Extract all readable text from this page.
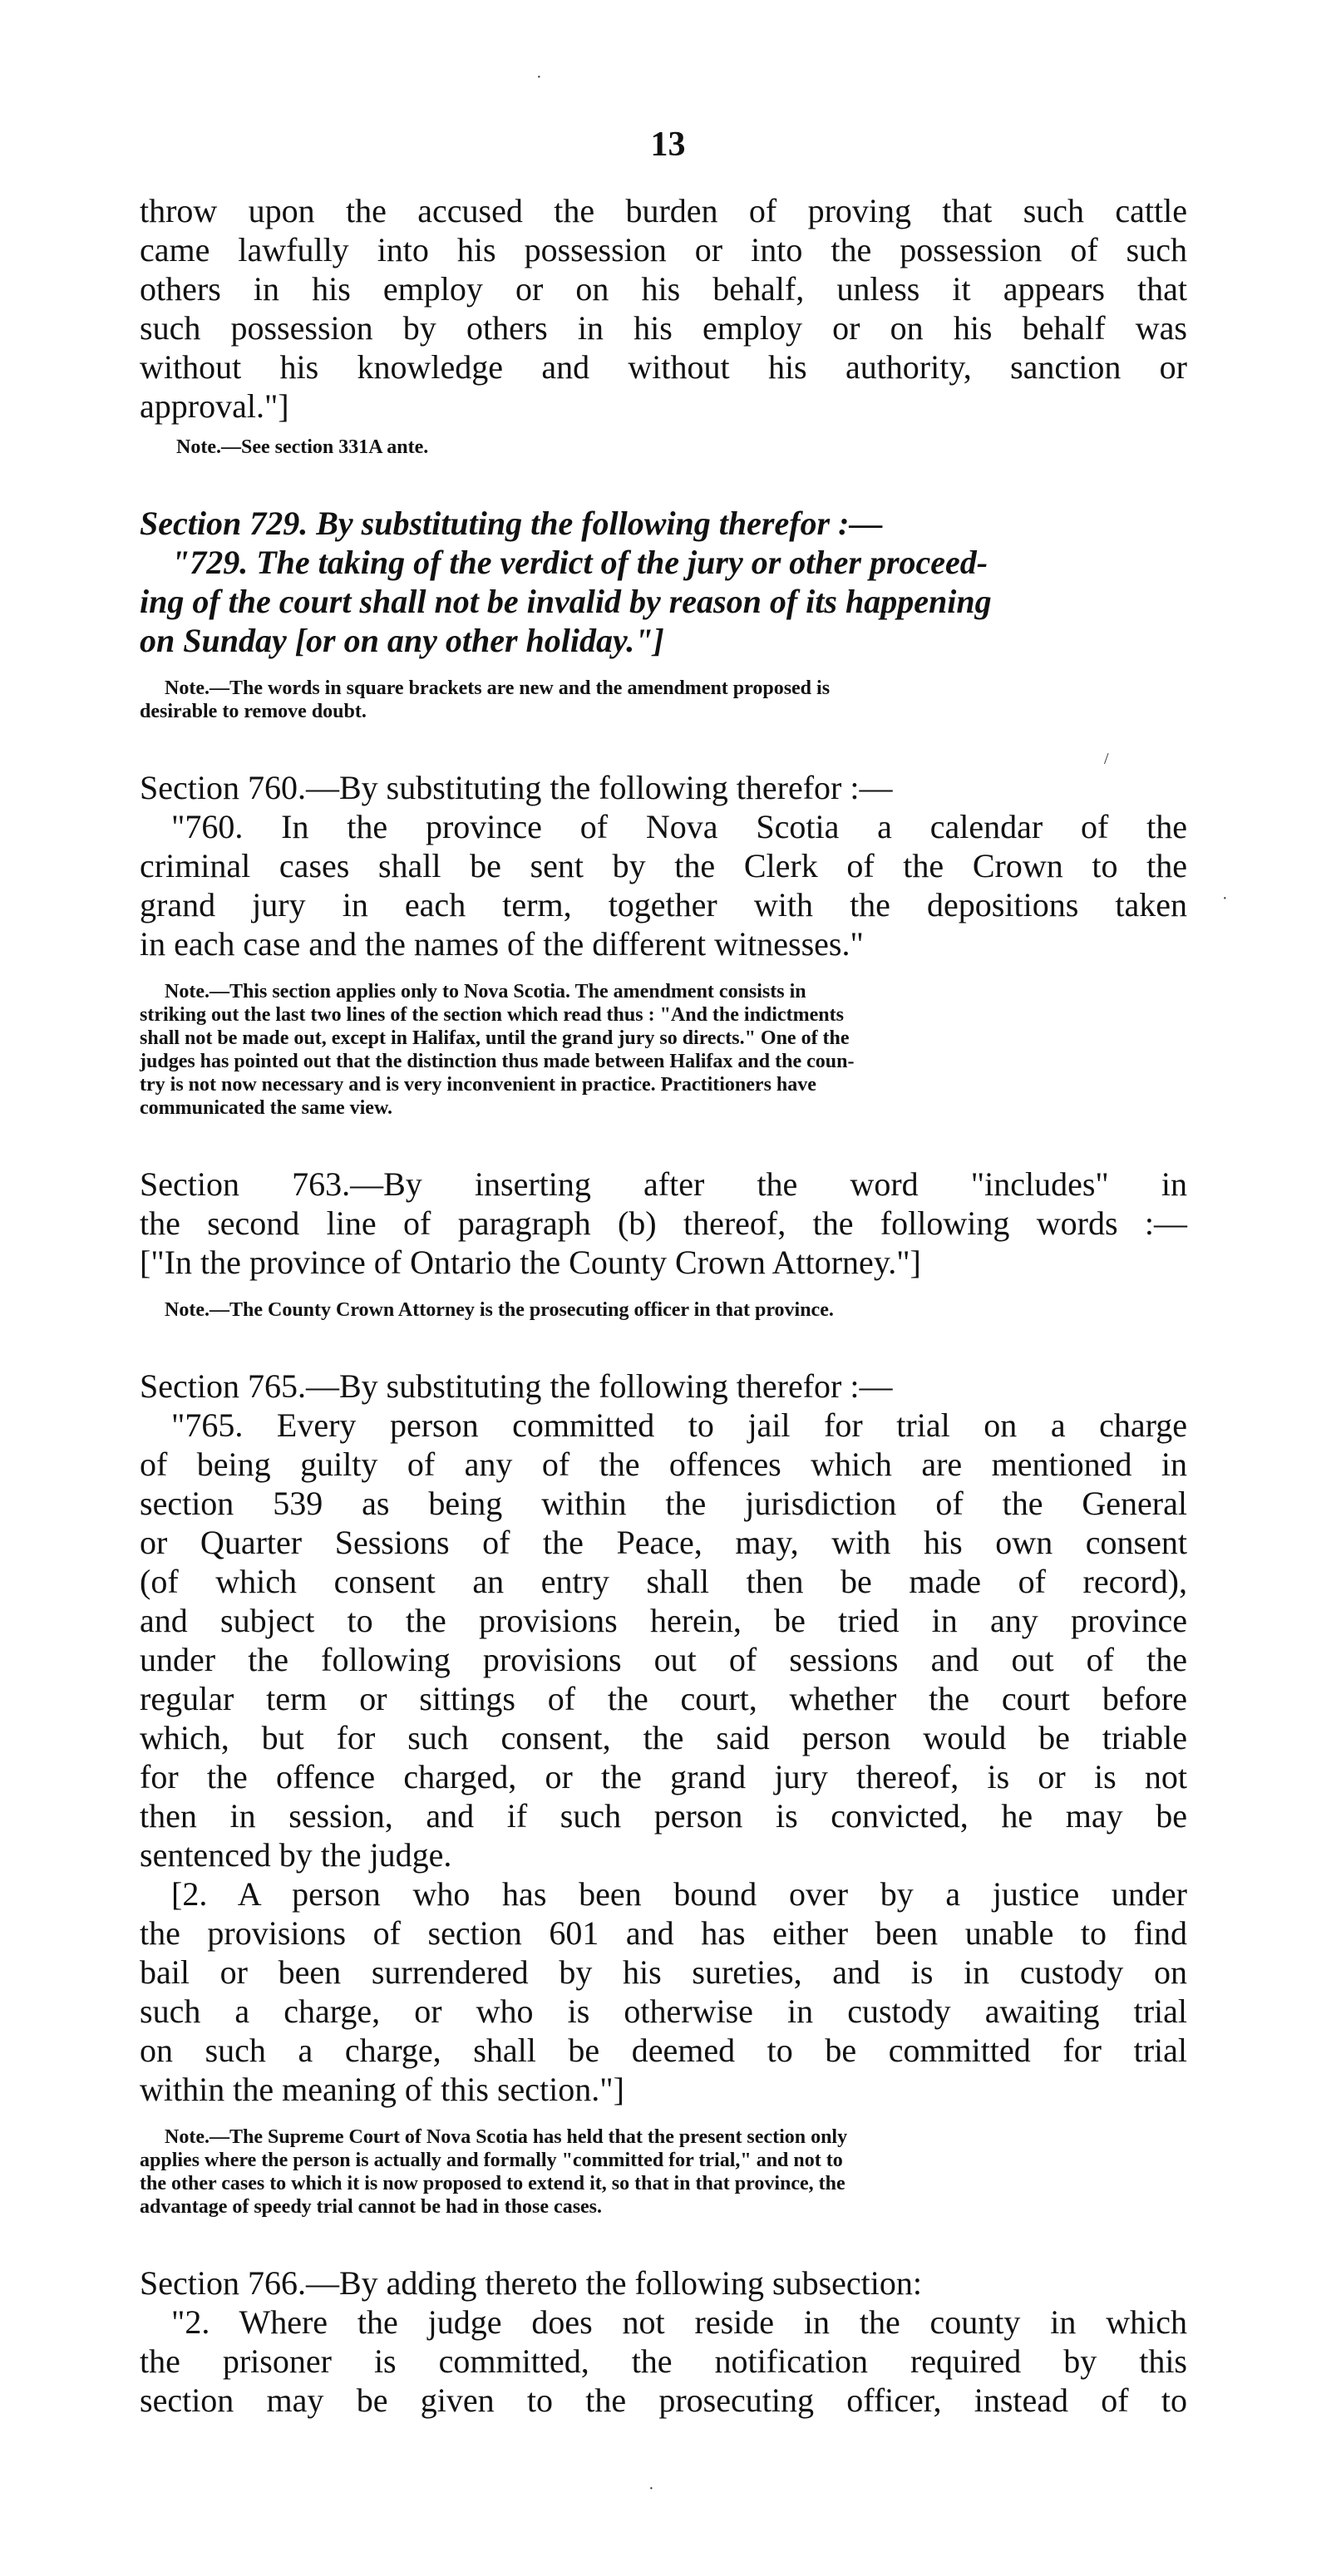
13
throw upon the accused the burden of proving that such cattle
came lawfully into his possession or into the possession of such
others in his employ or on his behalf, unless it appears that
such possession by others in his employ or on his behalf was
without his knowledge and without his authority, sanction or
approval."]
Note.—See section 331A ante.
Section 729. By substituting the following therefor :—
"729. The taking of the verdict of the jury or other proceed-
ing of the court shall not be invalid by reason of its happening
on Sunday [or on any other holiday."]
Note.—The words in square brackets are new and the amendment proposed is
desirable to remove doubt.
Section 760.—By substituting the following therefor :—
"760. In the province of Nova Scotia a calendar of the
criminal cases shall be sent by the Clerk of the Crown to the
grand jury in each term, together with the depositions taken
in each case and the names of the different witnesses."
Note.—This section applies only to Nova Scotia. The amendment consists in
striking out the last two lines of the section which read thus : "And the indictments
shall not be made out, except in Halifax, until the grand jury so directs." One of the
judges has pointed out that the distinction thus made between Halifax and the coun-
try is not now necessary and is very inconvenient in practice. Practitioners have
communicated the same view.
Section 763.—By inserting after the word "includes" in
the second line of paragraph (b) thereof, the following words :—
["In the province of Ontario the County Crown Attorney."]
Note.—The County Crown Attorney is the prosecuting officer in that province.
Section 765.—By substituting the following therefor :—
"765. Every person committed to jail for trial on a charge
of being guilty of any of the offences which are mentioned in
section 539 as being within the jurisdiction of the General
or Quarter Sessions of the Peace, may, with his own consent
(of which consent an entry shall then be made of record),
and subject to the provisions herein, be tried in any province
under the following provisions out of sessions and out of the
regular term or sittings of the court, whether the court before
which, but for such consent, the said person would be triable
for the offence charged, or the grand jury thereof, is or is not
then in session, and if such person is convicted, he may be
sentenced by the judge.
[2. A person who has been bound over by a justice under
the provisions of section 601 and has either been unable to find
bail or been surrendered by his sureties, and is in custody on
such a charge, or who is otherwise in custody awaiting trial
on such a charge, shall be deemed to be committed for trial
within the meaning of this section."]
Note.—The Supreme Court of Nova Scotia has held that the present section only
applies where the person is actually and formally "committed for trial," and not to
the other cases to which it is now proposed to extend it, so that in that province, the
advantage of speedy trial cannot be had in those cases.
Section 766.—By adding thereto the following subsection:
"2. Where the judge does not reside in the county in which
the prisoner is committed, the notification required by this
section may be given to the prosecuting officer, instead of to
·
/
·
·
